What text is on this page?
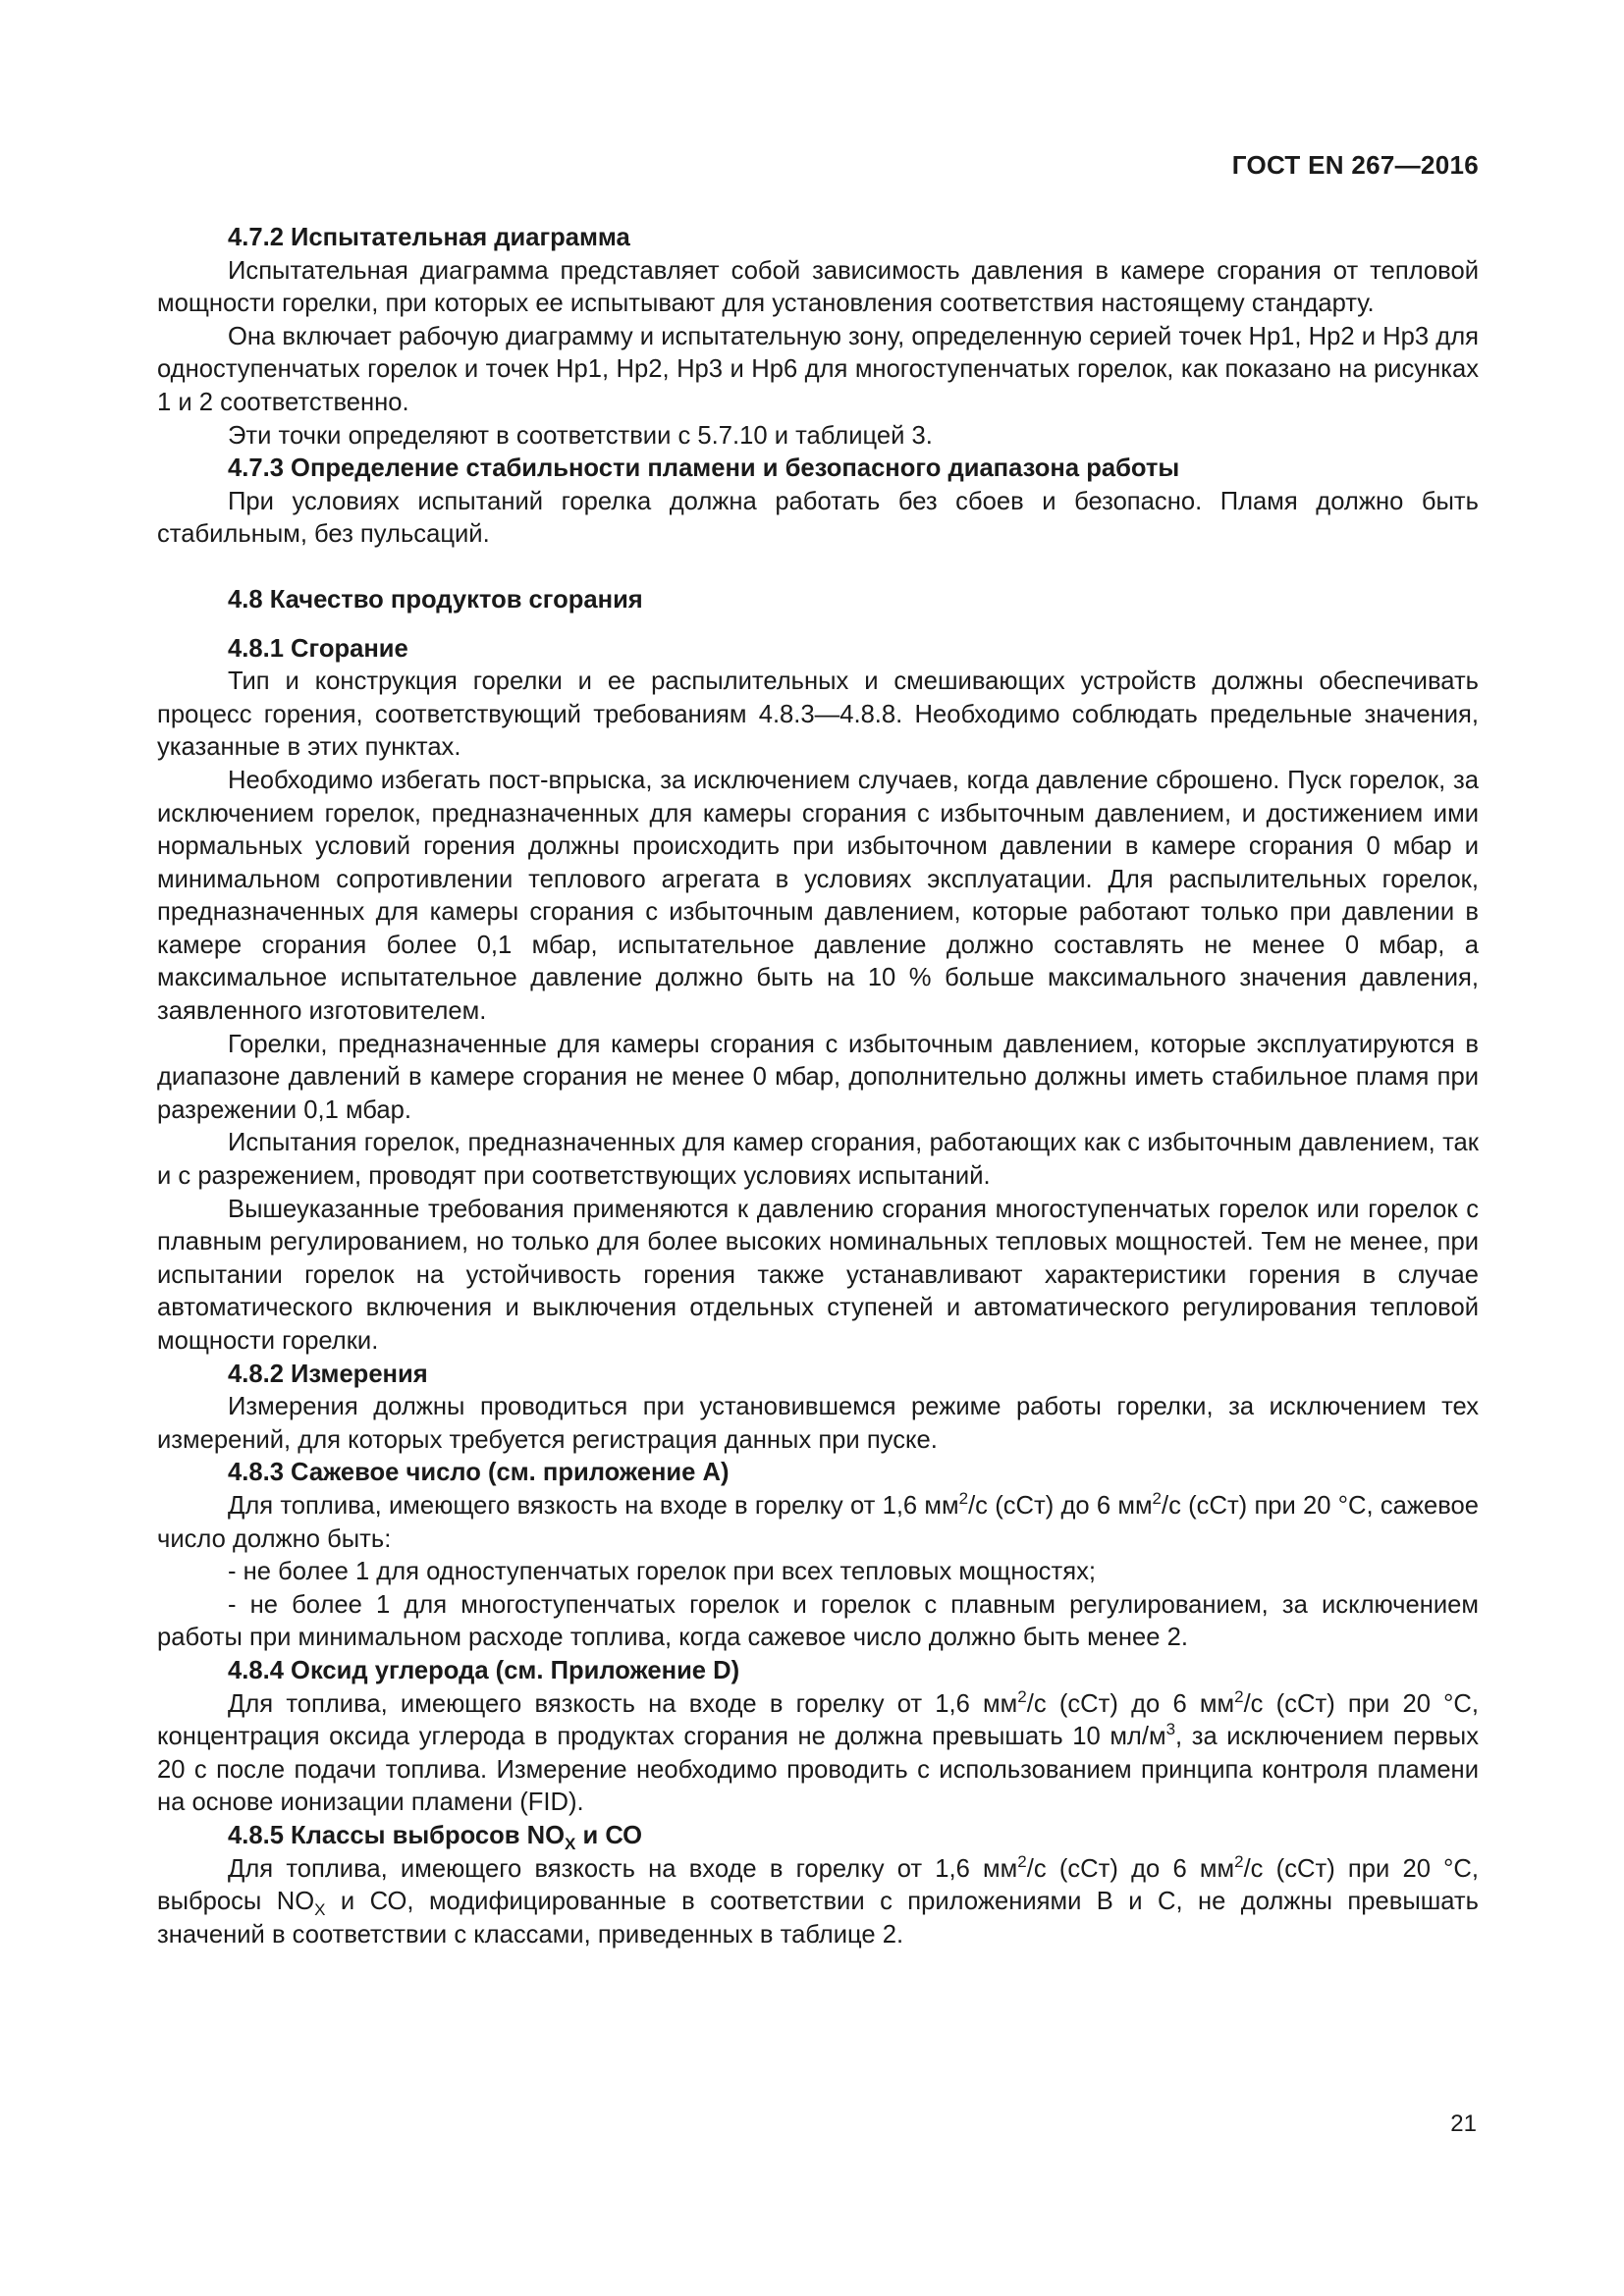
ГОСТ EN 267—2016

4.7.2 Испытательная диаграмма

Испытательная диаграмма представляет собой зависимость давления в камере сгорания от тепловой мощности горелки, при которых ее испытывают для установления соответствия настоящему стандарту.

Она включает рабочую диаграмму и испытательную зону, определенную серией точек Hp1, Hp2 и Hp3 для одноступенчатых горелок и точек Hp1, Hp2, Hp3 и Hp6 для многоступенчатых горелок, как показано на рисунках 1 и 2 соответственно.

Эти точки определяют в соответствии с 5.7.10 и таблицей 3.

4.7.3 Определение стабильности пламени и безопасного диапазона работы

При условиях испытаний горелка должна работать без сбоев и безопасно. Пламя должно быть стабильным, без пульсаций.

4.8 Качество продуктов сгорания

4.8.1 Сгорание

Тип и конструкция горелки и ее распылительных и смешивающих устройств должны обеспечивать процесс горения, соответствующий требованиям 4.8.3—4.8.8. Необходимо соблюдать предельные значения, указанные в этих пунктах.

Необходимо избегать пост-впрыска, за исключением случаев, когда давление сброшено. Пуск горелок, за исключением горелок, предназначенных для камеры сгорания с избыточным давлением, и достижением ими нормальных условий горения должны происходить при избыточном давлении в камере сгорания 0 мбар и минимальном сопротивлении теплового агрегата в условиях эксплуатации. Для распылительных горелок, предназначенных для камеры сгорания с избыточным давлением, которые работают только при давлении в камере сгорания более 0,1 мбар, испытательное давление должно составлять не менее 0 мбар, а максимальное испытательное давление должно быть на 10 % больше максимального значения давления, заявленного изготовителем.

Горелки, предназначенные для камеры сгорания с избыточным давлением, которые эксплуатируются в диапазоне давлений в камере сгорания не менее 0 мбар, дополнительно должны иметь стабильное пламя при разрежении 0,1 мбар.

Испытания горелок, предназначенных для камер сгорания, работающих как с избыточным давлением, так и с разрежением, проводят при соответствующих условиях испытаний.

Вышеуказанные требования применяются к давлению сгорания многоступенчатых горелок или горелок с плавным регулированием, но только для более высоких номинальных тепловых мощностей. Тем не менее, при испытании горелок на устойчивость горения также устанавливают характеристики горения в случае автоматического включения и выключения отдельных ступеней и автоматического регулирования тепловой мощности горелки.

4.8.2 Измерения

Измерения должны проводиться при установившемся режиме работы горелки, за исключением тех измерений, для которых требуется регистрация данных при пуске.

4.8.3 Сажевое число (см. приложение А)

Для топлива, имеющего вязкость на входе в горелку от 1,6 $мм^2/с$ (сСт) до 6 $мм^2/с$ (сСт) при 20 °С, сажевое число должно быть:

- не более 1 для одноступенчатых горелок при всех тепловых мощностях;

- не более 1 для многоступенчатых горелок и горелок с плавным регулированием, за исключением работы при минимальном расходе топлива, когда сажевое число должно быть менее 2.

4.8.4 Оксид углерода (см. Приложение D)

Для топлива, имеющего вязкость на входе в горелку от 1,6 $мм^2/с$ (сСт) до 6 $мм^2/с$ (сСт) при 20 °С, концентрация оксида углерода в продуктах сгорания не должна превышать 10 $мл/м^3$, за исключением первых 20 с после подачи топлива. Измерение необходимо проводить с использованием принципа контроля пламени на основе ионизации пламени (FID).

4.8.5 Классы выбросов $NO_X$ и СО

Для топлива, имеющего вязкость на входе в горелку от 1,6 $мм^2/с$ (сСт) до 6 $мм^2/с$ (сСт) при 20 °С, выбросы $NO_X$ и СО, модифицированные в соответствии с приложениями В и С, не должны превышать значений в соответствии с классами, приведенных в таблице 2.

21
